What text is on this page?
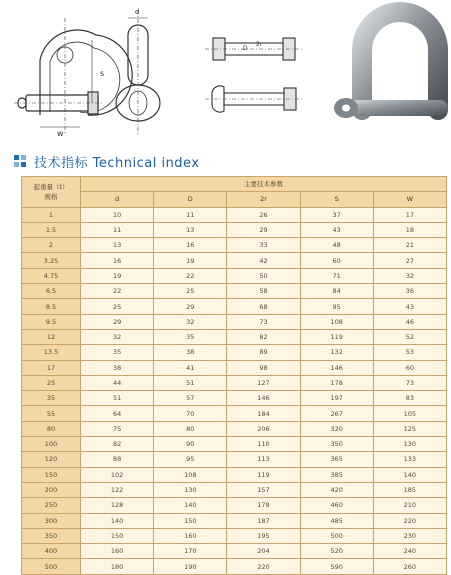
w
s
d
D
2r
技术指标 Technical index
起重量（t）
规格	主要技术参数				
	d	D	2r	S	W
1	10	11	26	37	17
1.5	11	13	29	43	18
2	13	16	33	48	21
3.25	16	19	42	60	27
4.75	19	22	50	71	32
6.5	22	25	58	84	36
8.5	25	29	68	95	43
9.5	29	32	73	108	46
12	32	35	82	119	52
13.5	35	38	89	132	53
17	38	41	98	146	60
25	44	51	127	178	73
35	51	57	146	197	83
55	64	70	184	267	105
80	75	80	206	320	125
100	82	90	110	350	130
120	88	95	113	365	133
150	102	108	119	385	140
200	122	130	157	420	185
250	128	140	178	460	210
300	140	150	187	485	220
350	150	160	195	500	230
400	160	170	204	520	240
500	180	190	220	590	260
